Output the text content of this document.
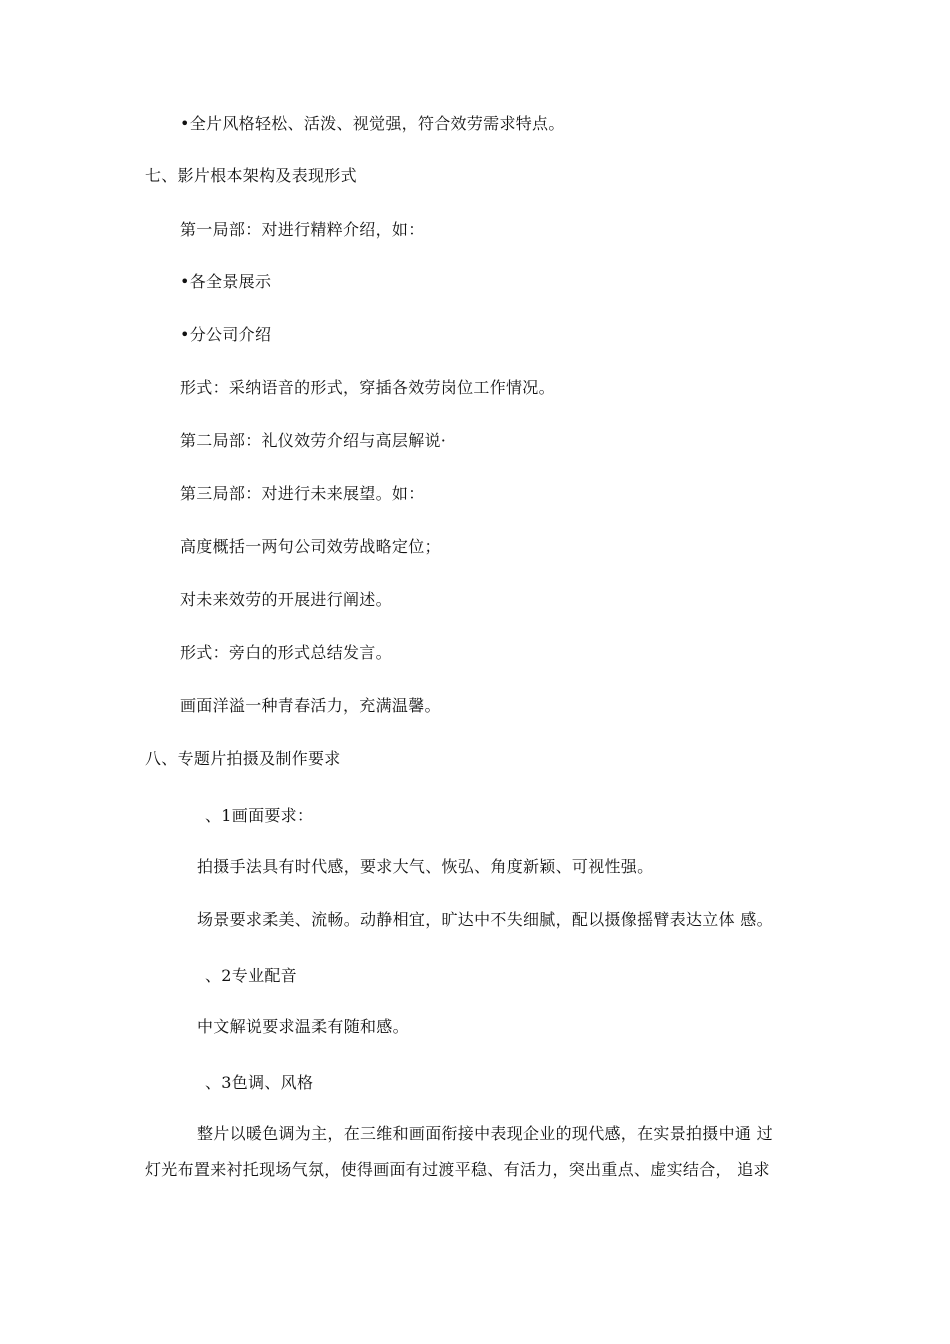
•全片风格轻松、活泼、视觉强，符合效劳需求特点。
七、影片根本架构及表现形式
第一局部：对进行精粹介绍，如：
•各全景展示
•分公司介绍
形式：采纳语音的形式，穿插各效劳岗位工作情况。
第二局部：礼仪效劳介绍与高层解说·
第三局部：对进行未来展望。如：
高度概括一两句公司效劳战略定位；
对未来效劳的开展进行阐述。
形式：旁白的形式总结发言。
画面洋溢一种青春活力，充满温馨。
八、专题片拍摄及制作要求
、1画面要求：
拍摄手法具有时代感，要求大气、恢弘、角度新颖、可视性强。
场景要求柔美、流畅。动静相宜，旷达中不失细腻，配以摄像摇臂表达立体 感。
、2专业配音
中文解说要求温柔有随和感。
、3色调、风格
整片以暖色调为主，在三维和画面衔接中表现企业的现代感，在实景拍摄中通 过
灯光布置来衬托现场气氛，使得画面有过渡平稳、有活力，突出重点、虚实结合， 追求
